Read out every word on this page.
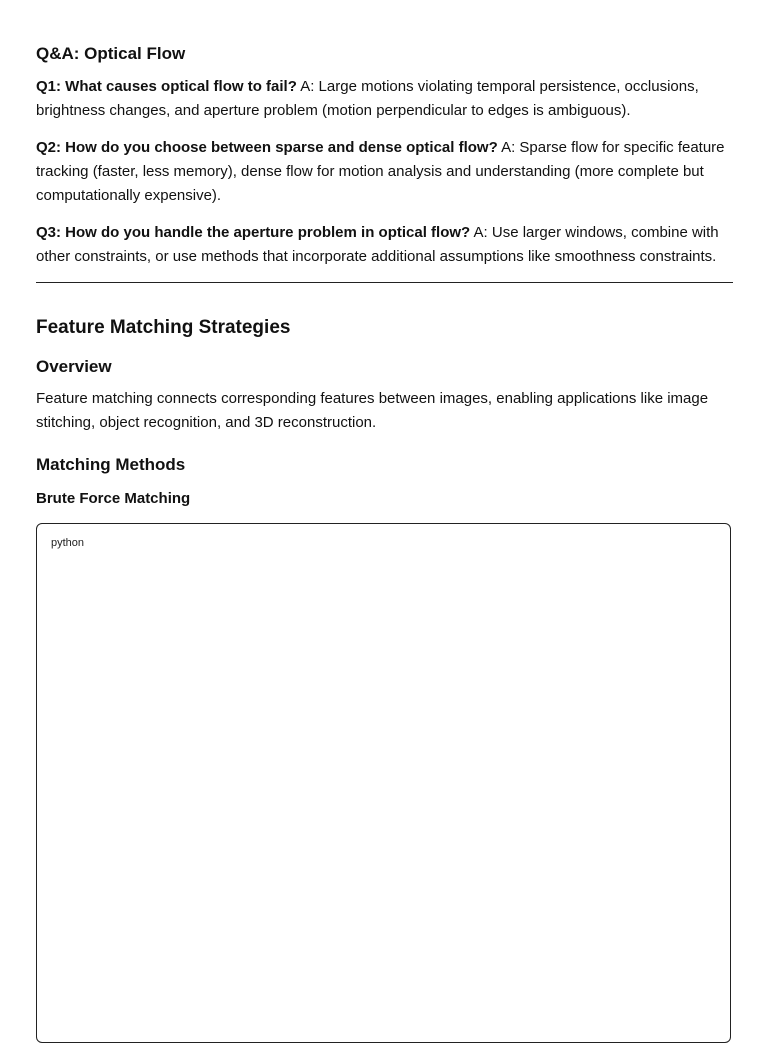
Q&A: Optical Flow

Q1: What causes optical flow to fail? A: Large motions violating temporal persistence, occlusions, brightness changes, and aperture problem (motion perpendicular to edges is ambiguous).

Q2: How do you choose between sparse and dense optical flow? A: Sparse flow for specific feature tracking (faster, less memory), dense flow for motion analysis and understanding (more complete but computationally expensive).

Q3: How do you handle the aperture problem in optical flow? A: Use larger windows, combine with other constraints, or use methods that incorporate additional assumptions like smoothness constraints.

Feature Matching Strategies
Overview

Feature matching connects corresponding features between images, enabling applications like image stitching, object recognition, and 3D reconstruction.

Matching Methods
Brute Force Matching
python
